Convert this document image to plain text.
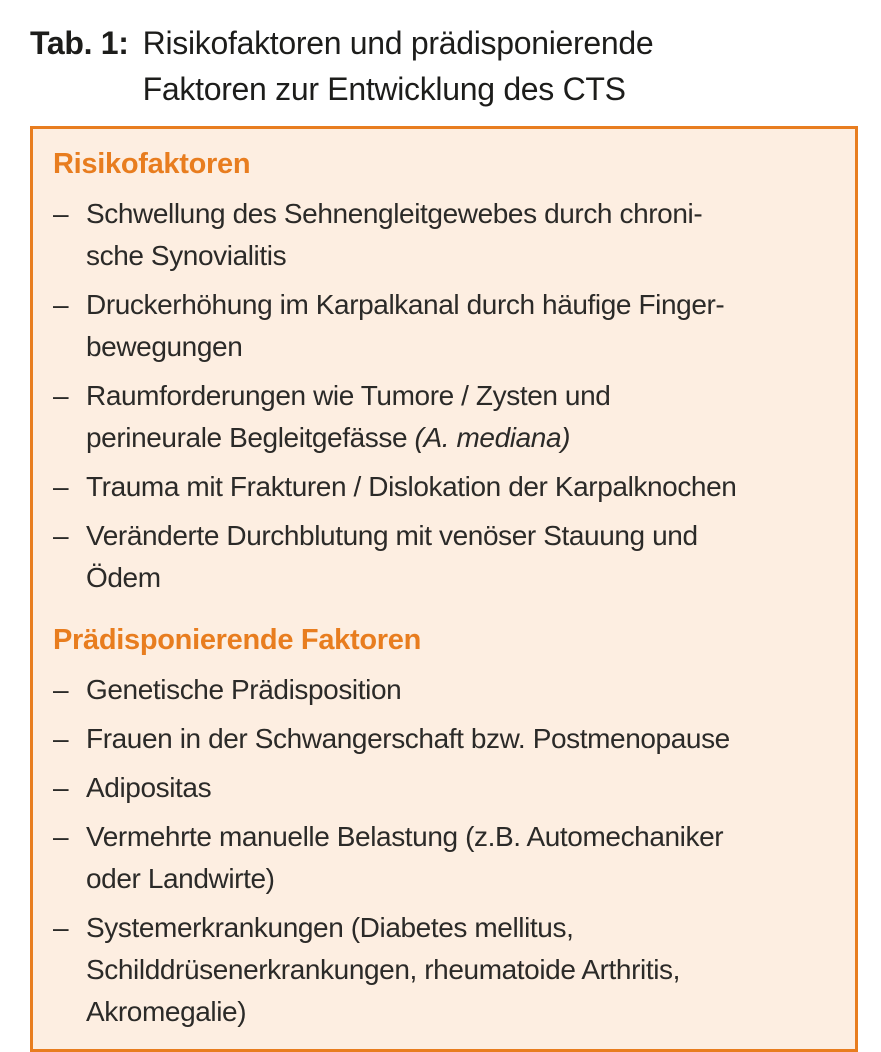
Tab. 1: Risikofaktoren und prädisponierende
Faktoren zur Entwicklung des CTS

Risikofaktoren
– Schwellung des Sehnengleitgewebes durch chroni-
sche Synovialitis
– Druckerhöhung im Karpalkanal durch häufige Finger-
bewegungen
– Raumforderungen wie Tumore / Zysten und
perineurale Begleitgefässe (A. mediana)
– Trauma mit Frakturen / Dislokation der Karpalknochen
– Veränderte Durchblutung mit venöser Stauung und
Ödem
Prädisponierende Faktoren
– Genetische Prädisposition
– Frauen in der Schwangerschaft bzw. Postmenopause
– Adipositas
– Vermehrte manuelle Belastung (z.B. Automechaniker
oder Landwirte)
– Systemerkrankungen (Diabetes mellitus,
Schilddrüsenerkrankungen, rheumatoide Arthritis,
Akromegalie)
